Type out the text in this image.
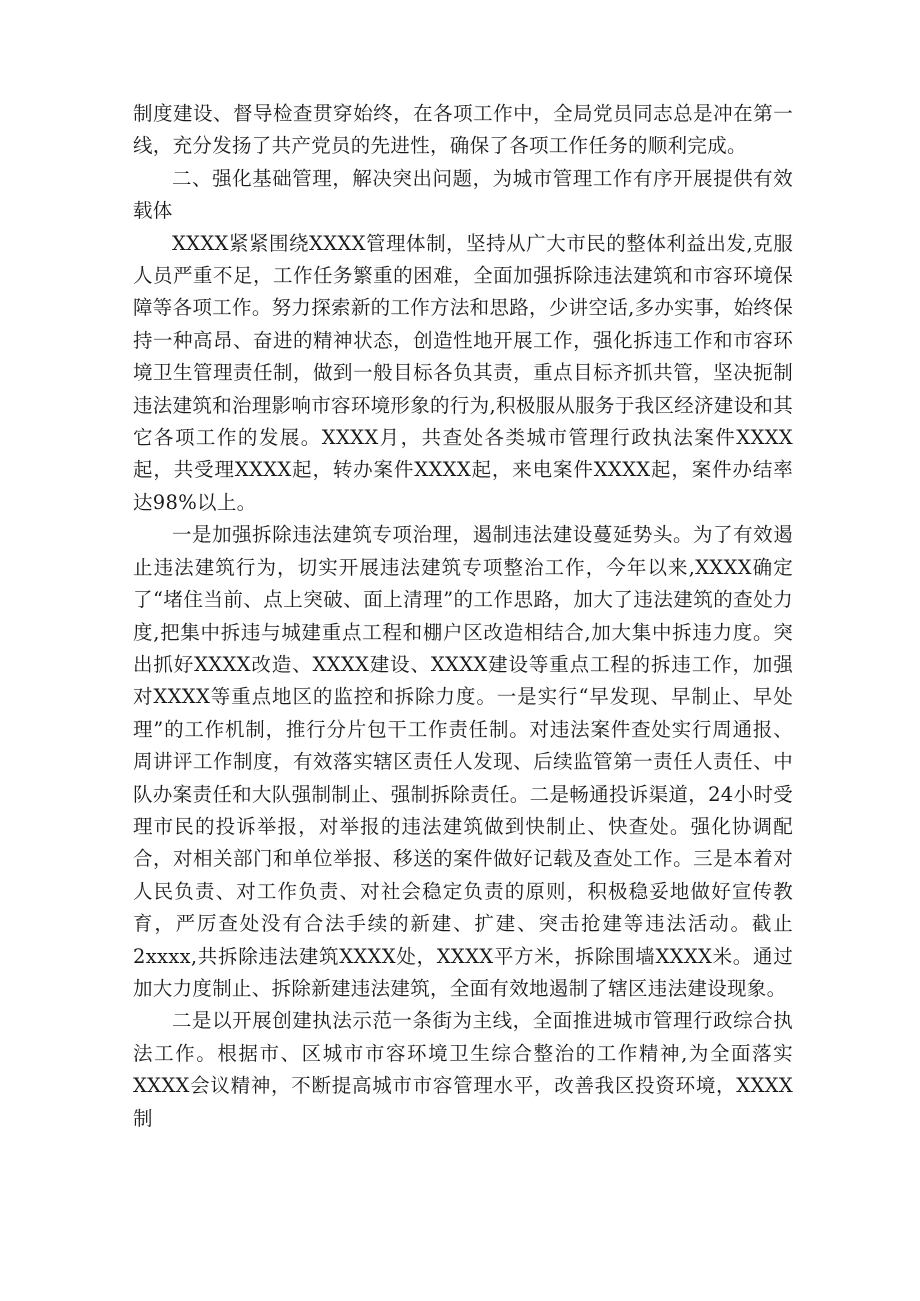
制度建设、督导检查贯穿始终，在各项工作中，全局党员同志总是冲在第一线，充分发扬了共产党员的先进性，确保了各项工作任务的顺利完成。

二、强化基础管理，解决突出问题，为城市管理工作有序开展提供有效载体

XXXX紧紧围绕XXXX管理体制，坚持从广大市民的整体利益出发,克服人员严重不足，工作任务繁重的困难，全面加强拆除违法建筑和市容环境保障等各项工作。努力探索新的工作方法和思路，少讲空话,多办实事，始终保持一种高昂、奋进的精神状态，创造性地开展工作，强化拆违工作和市容环境卫生管理责任制，做到一般目标各负其责，重点目标齐抓共管，坚决扼制违法建筑和治理影响市容环境形象的行为,积极服从服务于我区经济建设和其它各项工作的发展。XXXX月，共查处各类城市管理行政执法案件XXXX起，共受理XXXX起，转办案件XXXX起，来电案件XXXX起，案件办结率达98%以上。

一是加强拆除违法建筑专项治理，遏制违法建设蔓延势头。为了有效遏止违法建筑行为，切实开展违法建筑专项整治工作，今年以来,XXXX确定了“堵住当前、点上突破、面上清理”的工作思路，加大了违法建筑的查处力度,把集中拆违与城建重点工程和棚户区改造相结合,加大集中拆违力度。突出抓好XXXX改造、XXXX建设、XXXX建设等重点工程的拆违工作，加强对XXXX等重点地区的监控和拆除力度。一是实行“早发现、早制止、早处理”的工作机制，推行分片包干工作责任制。对违法案件查处实行周通报、周讲评工作制度，有效落实辖区责任人发现、后续监管第一责任人责任、中队办案责任和大队强制制止、强制拆除责任。二是畅通投诉渠道，24小时受理市民的投诉举报，对举报的违法建筑做到快制止、快查处。强化协调配合，对相关部门和单位举报、移送的案件做好记载及查处工作。三是本着对人民负责、对工作负责、对社会稳定负责的原则，积极稳妥地做好宣传教育，严厉查处没有合法手续的新建、扩建、突击抢建等违法活动。截止2xxxx,共拆除违法建筑XXXX处，XXXX平方米，拆除围墙XXXX米。通过加大力度制止、拆除新建违法建筑，全面有效地遏制了辖区违法建设现象。

二是以开展创建执法示范一条街为主线，全面推进城市管理行政综合执法工作。根据市、区城市市容环境卫生综合整治的工作精神,为全面落实XXXX会议精神，不断提高城市市容管理水平，改善我区投资环境，XXXX制
